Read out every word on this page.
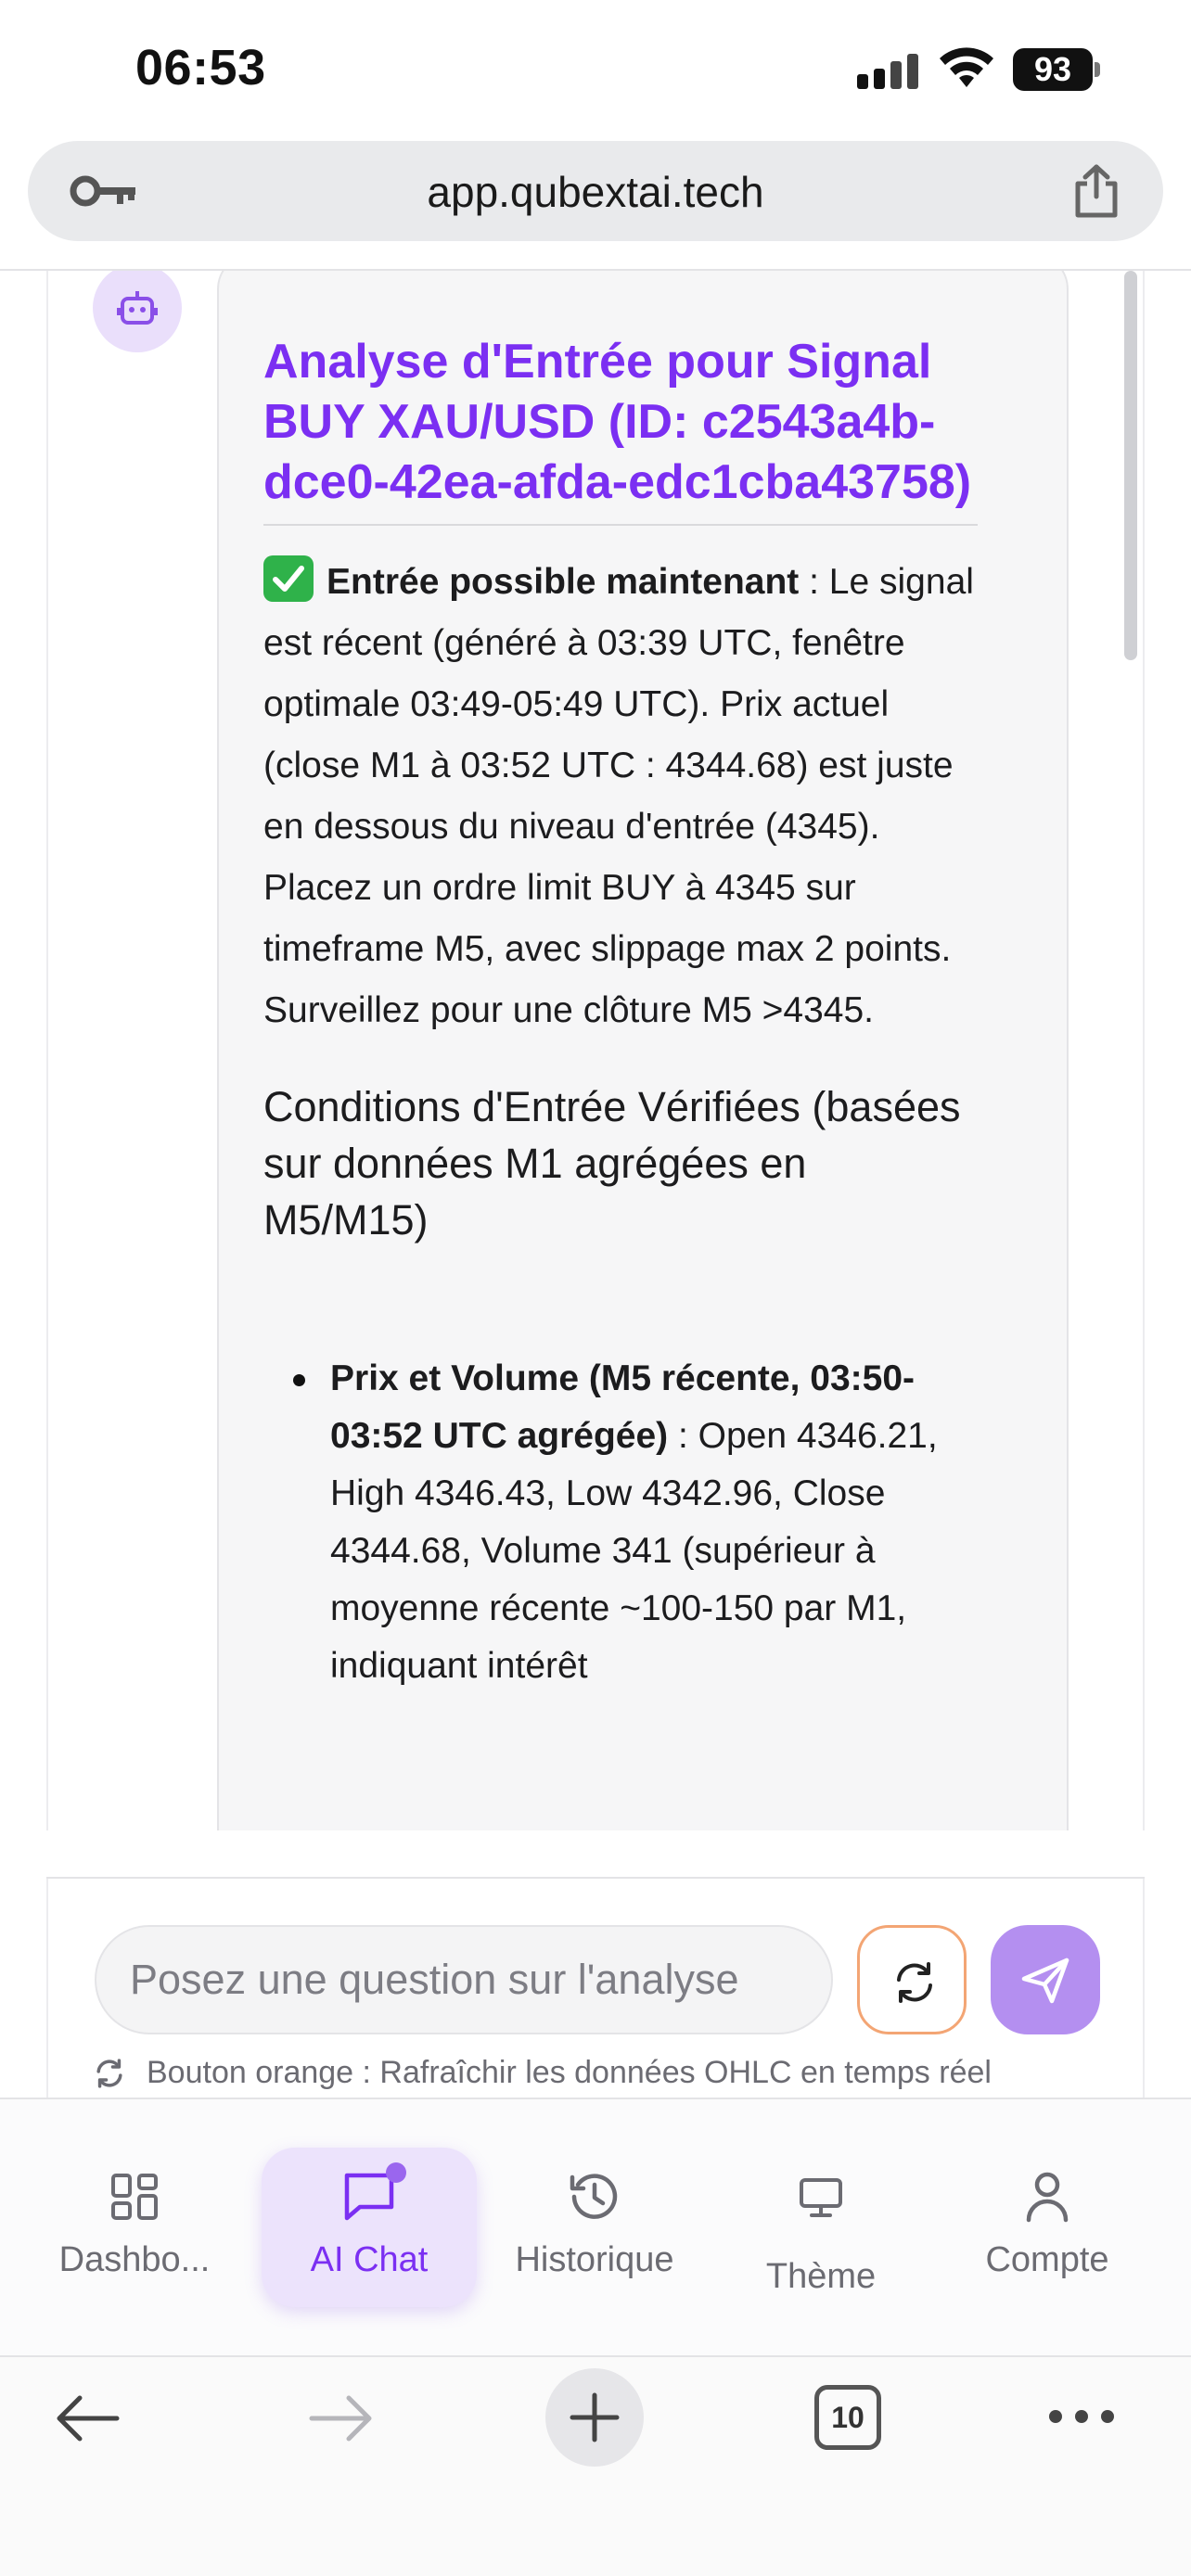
06:53	93
app.qubextai.tech
Analyse d'Entrée pour Signal BUY XAU/USD (ID: c2543a4b-dce0-42ea-afda-edc1cba43758)
Entrée possible maintenant : Le signal est récent (généré à 03:39 UTC, fenêtre optimale 03:49-05:49 UTC). Prix actuel (close M1 à 03:52 UTC : 4344.68) est juste en dessous du niveau d'entrée (4345). Placez un ordre limit BUY à 4345 sur timeframe M5, avec slippage max 2 points. Surveillez pour une clôture M5 >4345.
Conditions d'Entrée Vérifiées (basées sur données M1 agrégées en M5/M15)
Prix et Volume (M5 récente, 03:50-03:52 UTC agrégée) : Open 4346.21, High 4346.43, Low 4342.96, Close 4344.68, Volume 341 (supérieur à moyenne récente ~100-150 par M1, indiquant intérêt
Posez une question sur l'analyse
Bouton orange : Rafraîchir les données OHLC en temps réel
Dashbo...	AI Chat	Historique	Thème	Compte
10
